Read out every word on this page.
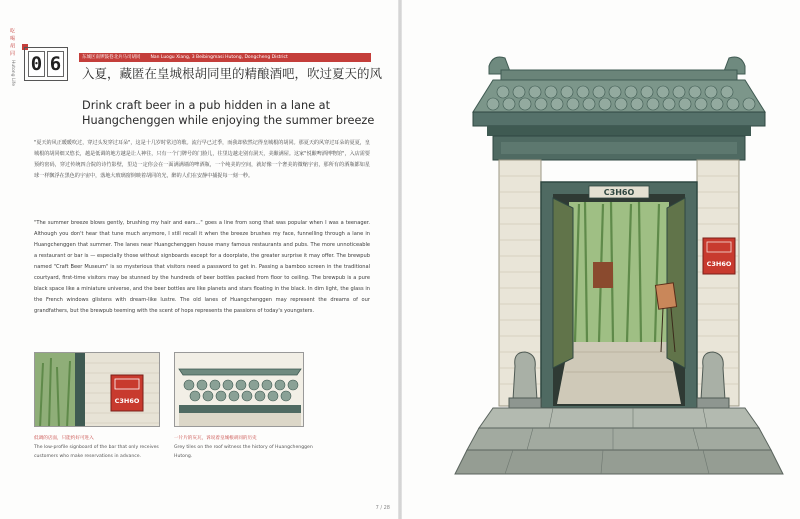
吃 喝 胡 同
Hutong Life 0 6	东城区南锣鼓巷北兵马司胡同 Nan Luogu Xiang, 3 Beibingmasi Hutong, Dongcheng District
入夏，藏匿在皇城根胡同里的精酿酒吧，吹过夏天的风
Drink craft beer in a pub hidden in a lane at Huangchenggen while enjoying the summer breeze

"夏天的风正暖暖吹过，穿过头发穿过耳朵"，这是十几岁时常过的歌。流行早已过季，而我却依然记得皇城根的胡同。那夏天的风穿过耳朵的夏夏，皇城根的胡同细又悠长，越是低调的地方越是让人神往，只有一个门牌号的门脸儿，往里边越走别有洞天，美酿满屋。这家"悦酿啤酒博物馆"，入店需要预约密码，穿过传统四合院的诗竹影壁，里边一定你会在一面满满墙的啤酒瓶，一个纯美的空间，就好像一个奢美的微缩宇宙，那所有的酒瓶都如星球一样飘浮在黑色的宇宙中，落地大玻璃窗倒映着胡同的光，醉的人们在安静中捕捉每一刻一秒。

"The summer breeze blows gently, brushing my hair and ears..." goes a line from song that was popular when I was a teenager. Although you don't hear that tune much anymore, I still recall it when the breeze brushes my face, funnelling through a lane in Huangchenggen that summer. The lanes near Huangchenggen house many famous restaurants and pubs. The more unnoticeable a restaurant or bar is — especially those without signboards except for a doorplate, the greater surprise it may offer. The brewpub named "Craft Beer Museum" is so mysterious that visitors need a password to get in. Passing a bamboo screen in the traditional courtyard, first-time visitors may be stunned by the hundreds of beer bottles packed from floor to ceiling. The brewpub is a pure black space like a miniature universe, and the beer bottles are like planets and stars floating in the black. In dim light, the glass in the French windows glistens with dream-like lustre. The old lanes of Huangchenggen may represent the dreams of our grandfathers, but the brewpub teeming with the scent of hops represents the passions of today's youngsters.

C3H6O
低调的店面，只能约好可进入
The low-profile signboard of the bar that only receives customers who make reservations in advance.
一片片的灰瓦，诉说着皇城根胡同的历史
Grey tiles on the roof witness the history of Huangchenggen Hutong.
7 / 28
C3H6O
C3H6O
